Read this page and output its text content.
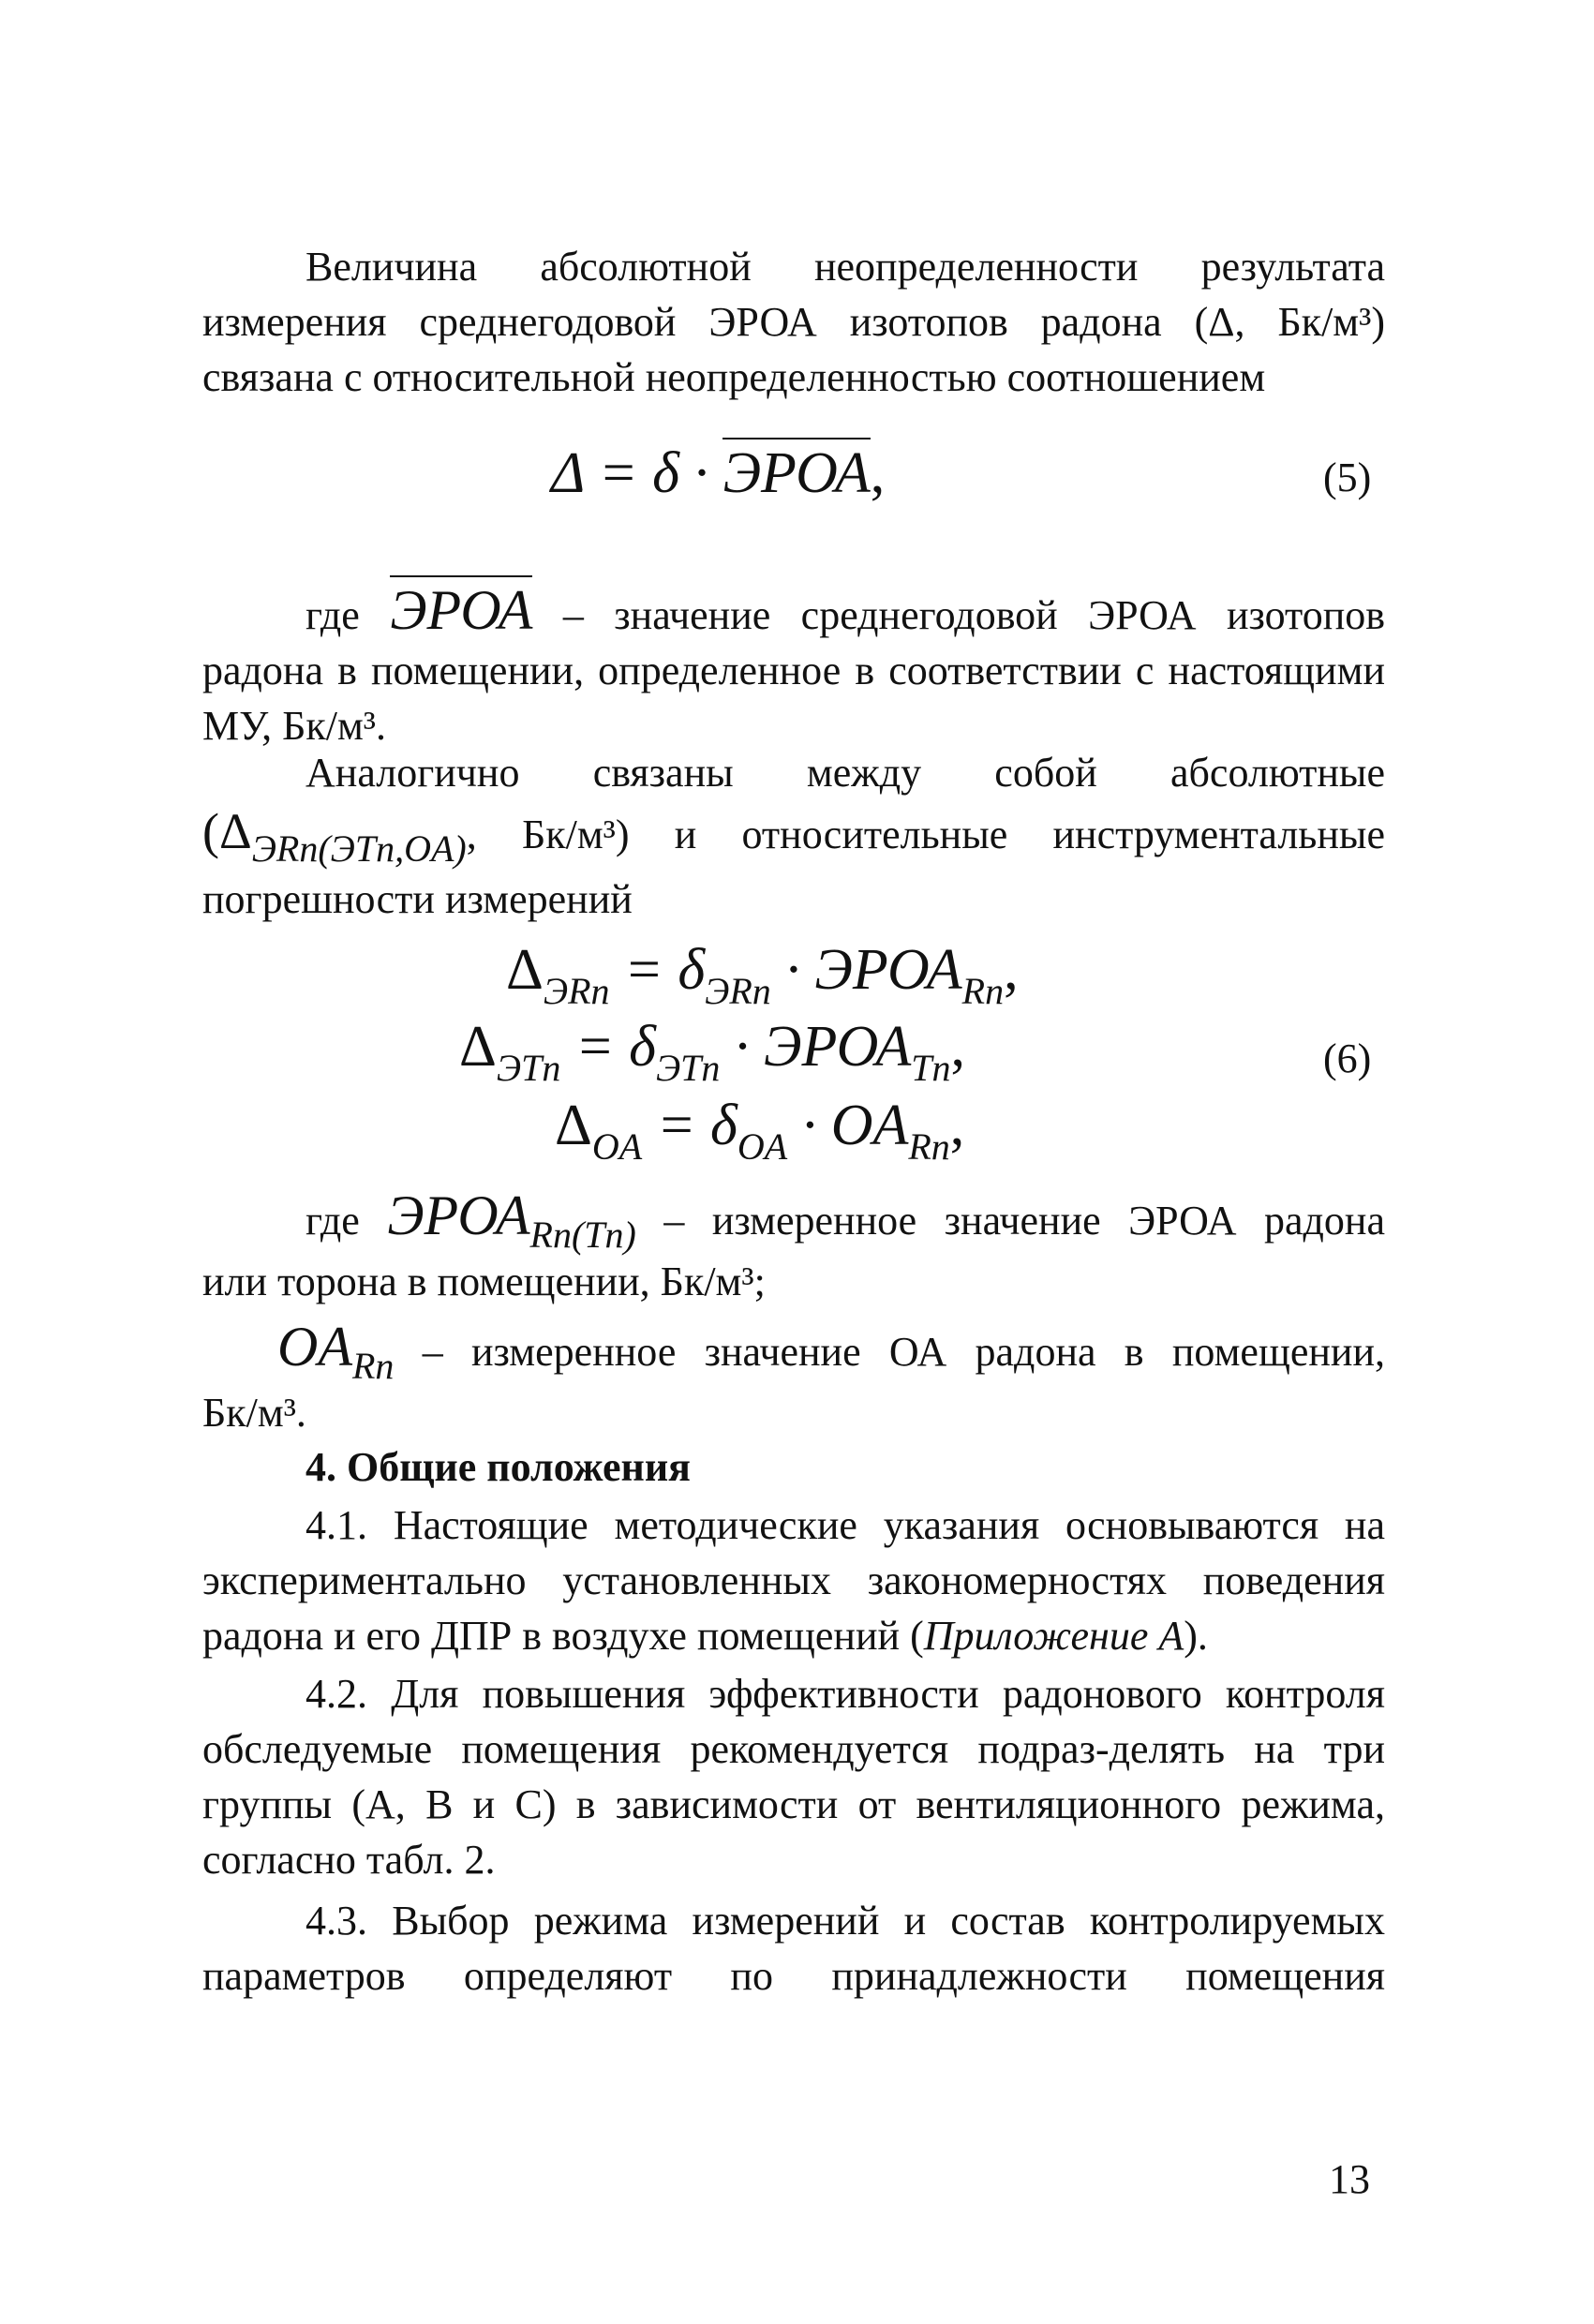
Величина абсолютной неопределенности результата измерения среднегодовой ЭРОА изотопов радона (Δ, Бк/м³) связана с относительной неопределенностью соотношением

Δ = δ · ЭРОА,	(5)

где ЭРОА – значение среднегодовой ЭРОА изотопов радона в помещении, определенное в соответствии с настоящими МУ, Бк/м³.

Аналогично связаны между собой абсолютные

(ΔЭRn(ЭTn,OA), Бк/м³) и относительные инструментальные

погрешности измерений

$\Delta_{ЭRn} = \delta_{ЭRn}$ · $ЭРОА_{Rn}$,
$\Delta_{ЭTn} = \delta_{ЭTn}$ · $ЭРОА_{Tn}$,	(6)
$\Delta_{OA} = \delta_{OA} \cdot OA_{Rn}$,

где ЭРОАRn(Tn) – измеренное значение ЭРОА радона

или торона в помещении, Бк/м³;

OARn – измеренное значение ОА радона в помещении,

Бк/м³.

4. Общие положения

4.1. Настоящие методические указания основываются на экспериментально установленных закономерностях поведения радона и его ДПР в воздухе помещений (Приложение А).

4.2. Для повышения эффективности радонового контроля обследуемые помещения рекомендуется подраз-делять на три группы (А, В и С) в зависимости от вентиляционного режима, согласно табл. 2.

4.3. Выбор режима измерений и состав контролируемых параметров определяют по принадлежности помещения

13
